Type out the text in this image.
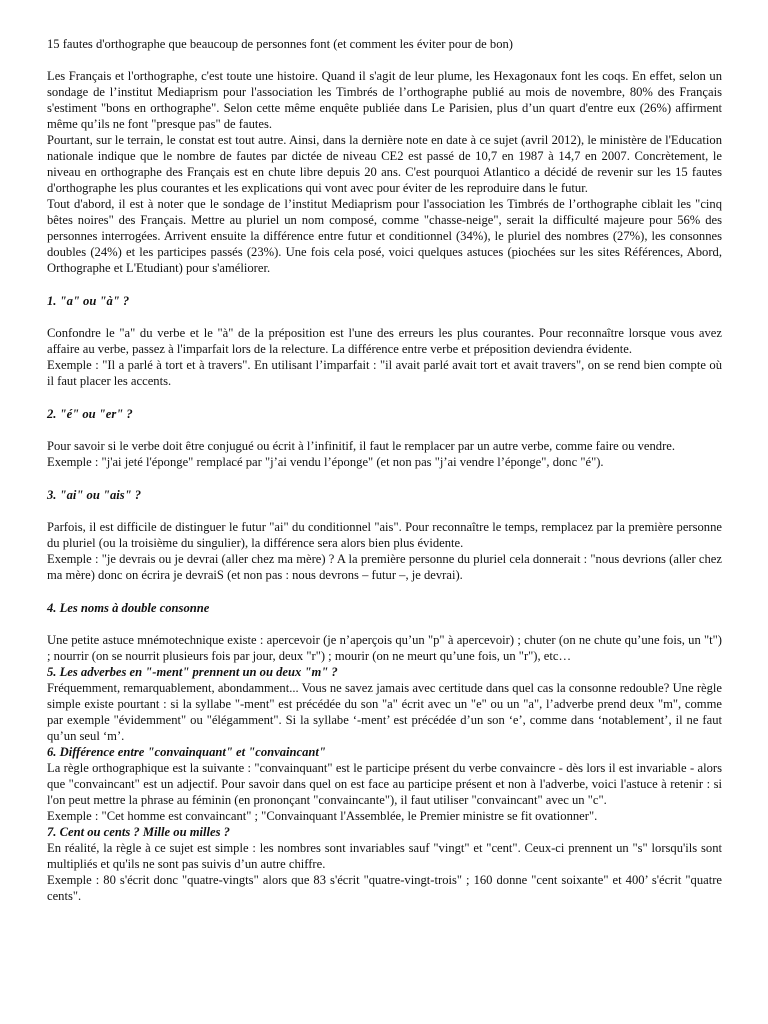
15 fautes d'orthographe que beaucoup de personnes font (et comment les éviter pour de bon)

Les Français et l'orthographe, c'est toute une histoire. Quand il s'agit de leur plume, les Hexagonaux font les coqs. En effet, selon un sondage de l’institut Mediaprism pour l'association les Timbrés de l’orthographe publié au mois de novembre, 80% des Français s'estiment "bons en orthographe". Selon cette même enquête publiée dans Le Parisien, plus d’un quart d'entre eux (26%) affirment même qu’ils ne font "presque pas" de fautes.

Pourtant, sur le terrain, le constat est tout autre. Ainsi, dans la dernière note en date à ce sujet (avril 2012), le ministère de l'Education nationale indique que le nombre de fautes par dictée de niveau CE2 est passé de 10,7 en 1987 à 14,7 en 2007. Concrètement, le niveau en orthographe des Français est en chute libre depuis 20 ans. C'est pourquoi Atlantico a décidé de revenir sur les 15 fautes d'orthographe les plus courantes et les explications qui vont avec pour éviter de les reproduire dans le futur.

Tout d'abord, il est à noter que le sondage de l’institut Mediaprism pour l'association les Timbrés de l’orthographe ciblait les "cinq bêtes noires" des Français. Mettre au pluriel un nom composé, comme "chasse-neige", serait la difficulté majeure pour 56% des personnes interrogées. Arrivent ensuite la différence entre futur et conditionnel (34%), le pluriel des nombres (27%), les consonnes doubles (24%) et les participes passés (23%). Une fois cela posé, voici quelques astuces (piochées sur les sites Références, Abord, Orthographe et L'Etudiant) pour s'améliorer.

1. "a" ou "à" ?

Confondre le "a" du verbe et le "à" de la préposition est l'une des erreurs les plus courantes. Pour reconnaître lorsque vous avez affaire au verbe, passez à l'imparfait lors de la relecture. La différence entre verbe et préposition deviendra évidente.

Exemple : "Il a parlé à tort et à travers". En utilisant l’imparfait : "il avait parlé avait tort et avait travers", on se rend bien compte où il faut placer les accents.

2. "é" ou "er" ?

Pour savoir si le verbe doit être conjugué ou écrit à l’infinitif, il faut le remplacer par un autre verbe, comme faire ou vendre.

Exemple : "j'ai jeté l'éponge" remplacé par "j’ai vendu l’éponge" (et non pas "j’ai vendre l’éponge", donc "é").

3. "ai" ou "ais" ?

Parfois, il est difficile de distinguer le futur "ai" du conditionnel "ais". Pour reconnaître le temps, remplacez par la première personne du pluriel (ou la troisième du singulier), la différence sera alors bien plus évidente.

Exemple : "je devrais ou je devrai (aller chez ma mère) ? A la première personne du pluriel cela donnerait : "nous devrions (aller chez ma mère) donc on écrira je devraiS (et non pas : nous devrons – futur –, je devrai).

4. Les noms à double consonne

Une petite astuce mnémotechnique existe : apercevoir (je n’aperçois qu’un "p" à apercevoir) ; chuter (on ne chute qu’une fois, un "t") ; nourrir (on se nourrit plusieurs fois par jour, deux "r") ; mourir (on ne meurt qu’une fois, un "r"), etc…

5. Les adverbes en "-ment" prennent un ou deux "m" ?

Fréquemment, remarquablement, abondamment... Vous ne savez jamais avec certitude dans quel cas la consonne redouble? Une règle simple existe pourtant : si la syllabe "-ment" est précédée du son "a" écrit avec un "e" ou un "a", l’adverbe prend deux "m", comme par exemple "évidemment" ou "élégamment". Si la syllabe ‘-ment’ est précédée d’un son ‘e’, comme dans ‘notablement’, il ne faut qu’un seul ‘m’.

6. Différence entre "convainquant" et "convaincant"

La règle orthographique est la suivante : "convainquant" est le participe présent du verbe convaincre - dès lors il est invariable - alors que "convaincant" est un adjectif. Pour savoir dans quel on est face au participe présent et non à l'adverbe, voici l'astuce à retenir : si l'on peut mettre la phrase au féminin (en prononçant "convaincante"), il faut utiliser "convaincant" avec un "c".

Exemple : "Cet homme est convaincant" ; "Convainquant l'Assemblée, le Premier ministre se fit ovationner".

7. Cent ou cents ? Mille ou milles ?

En réalité, la règle à ce sujet est simple : les nombres sont invariables sauf "vingt" et "cent". Ceux-ci prennent un "s" lorsqu'ils sont multipliés et qu'ils ne sont pas suivis d’un autre chiffre.

Exemple : 80 s'écrit donc "quatre-vingts" alors que 83 s'écrit "quatre-vingt-trois" ; 160 donne "cent soixante" et 400’ s'écrit "quatre cents".
